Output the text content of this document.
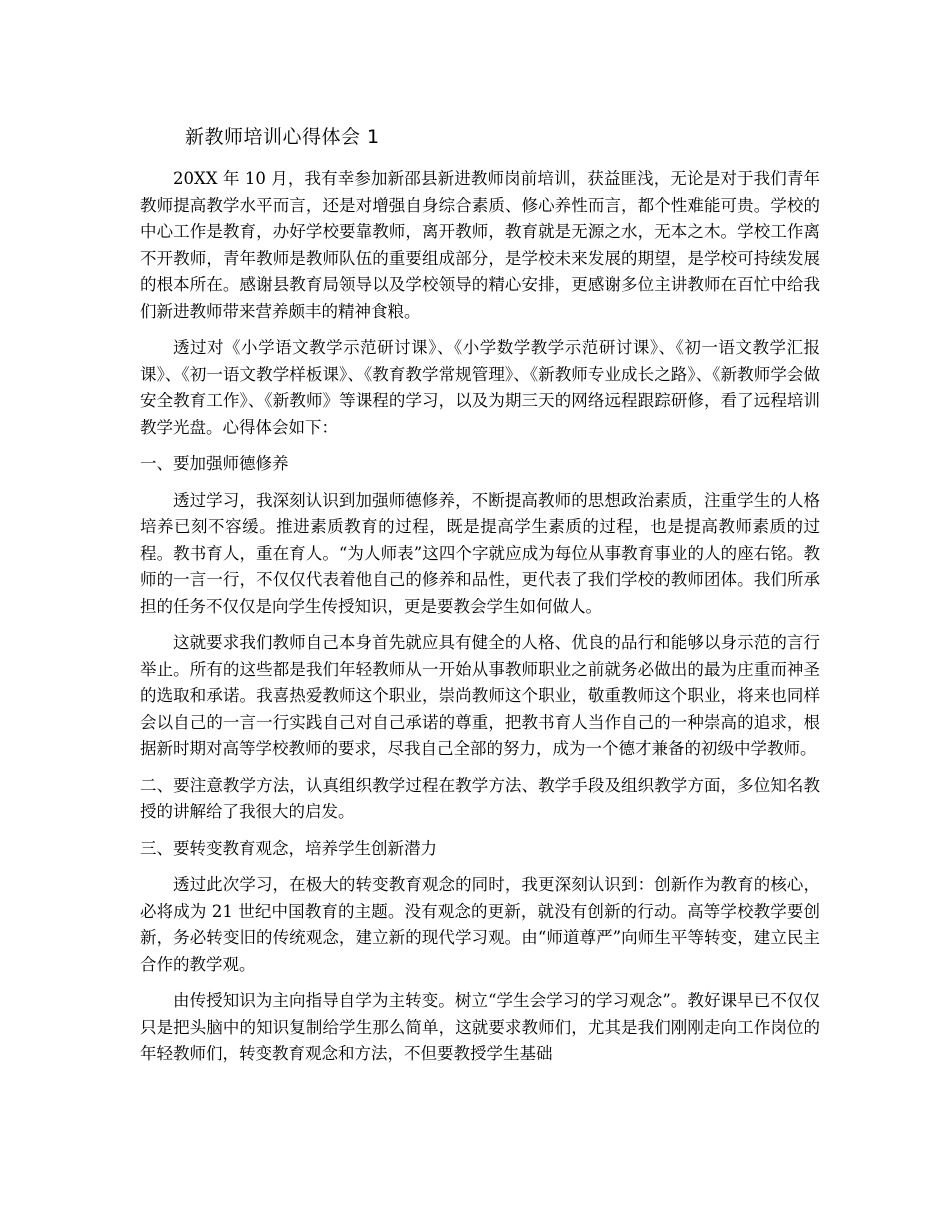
新教师培训心得体会 1

20XX 年 10 月，我有幸参加新邵县新进教师岗前培训，获益匪浅，无论是对于我们青年教师提高教学水平而言，还是对增强自身综合素质、修心养性而言，都个性难能可贵。学校的中心工作是教育，办好学校要靠教师，离开教师，教育就是无源之水，无本之木。学校工作离不开教师，青年教师是教师队伍的重要组成部分，是学校未来发展的期望，是学校可持续发展的根本所在。感谢县教育局领导以及学校领导的精心安排，更感谢多位主讲教师在百忙中给我们新进教师带来营养颇丰的精神食粮。

透过对《小学语文教学示范研讨课》、《小学数学教学示范研讨课》、《初一语文教学汇报课》、《初一语文教学样板课》、《教育教学常规管理》、《新教师专业成长之路》、《新教师学会做安全教育工作》、《新教师》等课程的学习，以及为期三天的网络远程跟踪研修，看了远程培训教学光盘。心得体会如下：

一、要加强师德修养

透过学习，我深刻认识到加强师德修养，不断提高教师的思想政治素质，注重学生的人格培养已刻不容缓。推进素质教育的过程，既是提高学生素质的过程，也是提高教师素质的过程。教书育人，重在育人。“为人师表”这四个字就应成为每位从事教育事业的人的座右铭。教师的一言一行，不仅仅代表着他自己的修养和品性，更代表了我们学校的教师团体。我们所承担的任务不仅仅是向学生传授知识，更是要教会学生如何做人。

这就要求我们教师自己本身首先就应具有健全的人格、优良的品行和能够以身示范的言行举止。所有的这些都是我们年轻教师从一开始从事教师职业之前就务必做出的最为庄重而神圣的选取和承诺。我喜热爱教师这个职业，崇尚教师这个职业，敬重教师这个职业，将来也同样会以自己的一言一行实践自己对自己承诺的尊重，把教书育人当作自己的一种崇高的追求，根据新时期对高等学校教师的要求，尽我自己全部的努力，成为一个德才兼备的初级中学教师。

二、要注意教学方法，认真组织教学过程在教学方法、教学手段及组织教学方面，多位知名教授的讲解给了我很大的启发。

三、要转变教育观念，培养学生创新潜力

透过此次学习，在极大的转变教育观念的同时，我更深刻认识到：创新作为教育的核心，必将成为 21 世纪中国教育的主题。没有观念的更新，就没有创新的行动。高等学校教学要创新，务必转变旧的传统观念，建立新的现代学习观。由“师道尊严”向师生平等转变，建立民主合作的教学观。

由传授知识为主向指导自学为主转变。树立“学生会学习的学习观念”。教好课早已不仅仅只是把头脑中的知识复制给学生那么简单，这就要求教师们，尤其是我们刚刚走向工作岗位的年轻教师们，转变教育观念和方法，不但要教授学生基础
